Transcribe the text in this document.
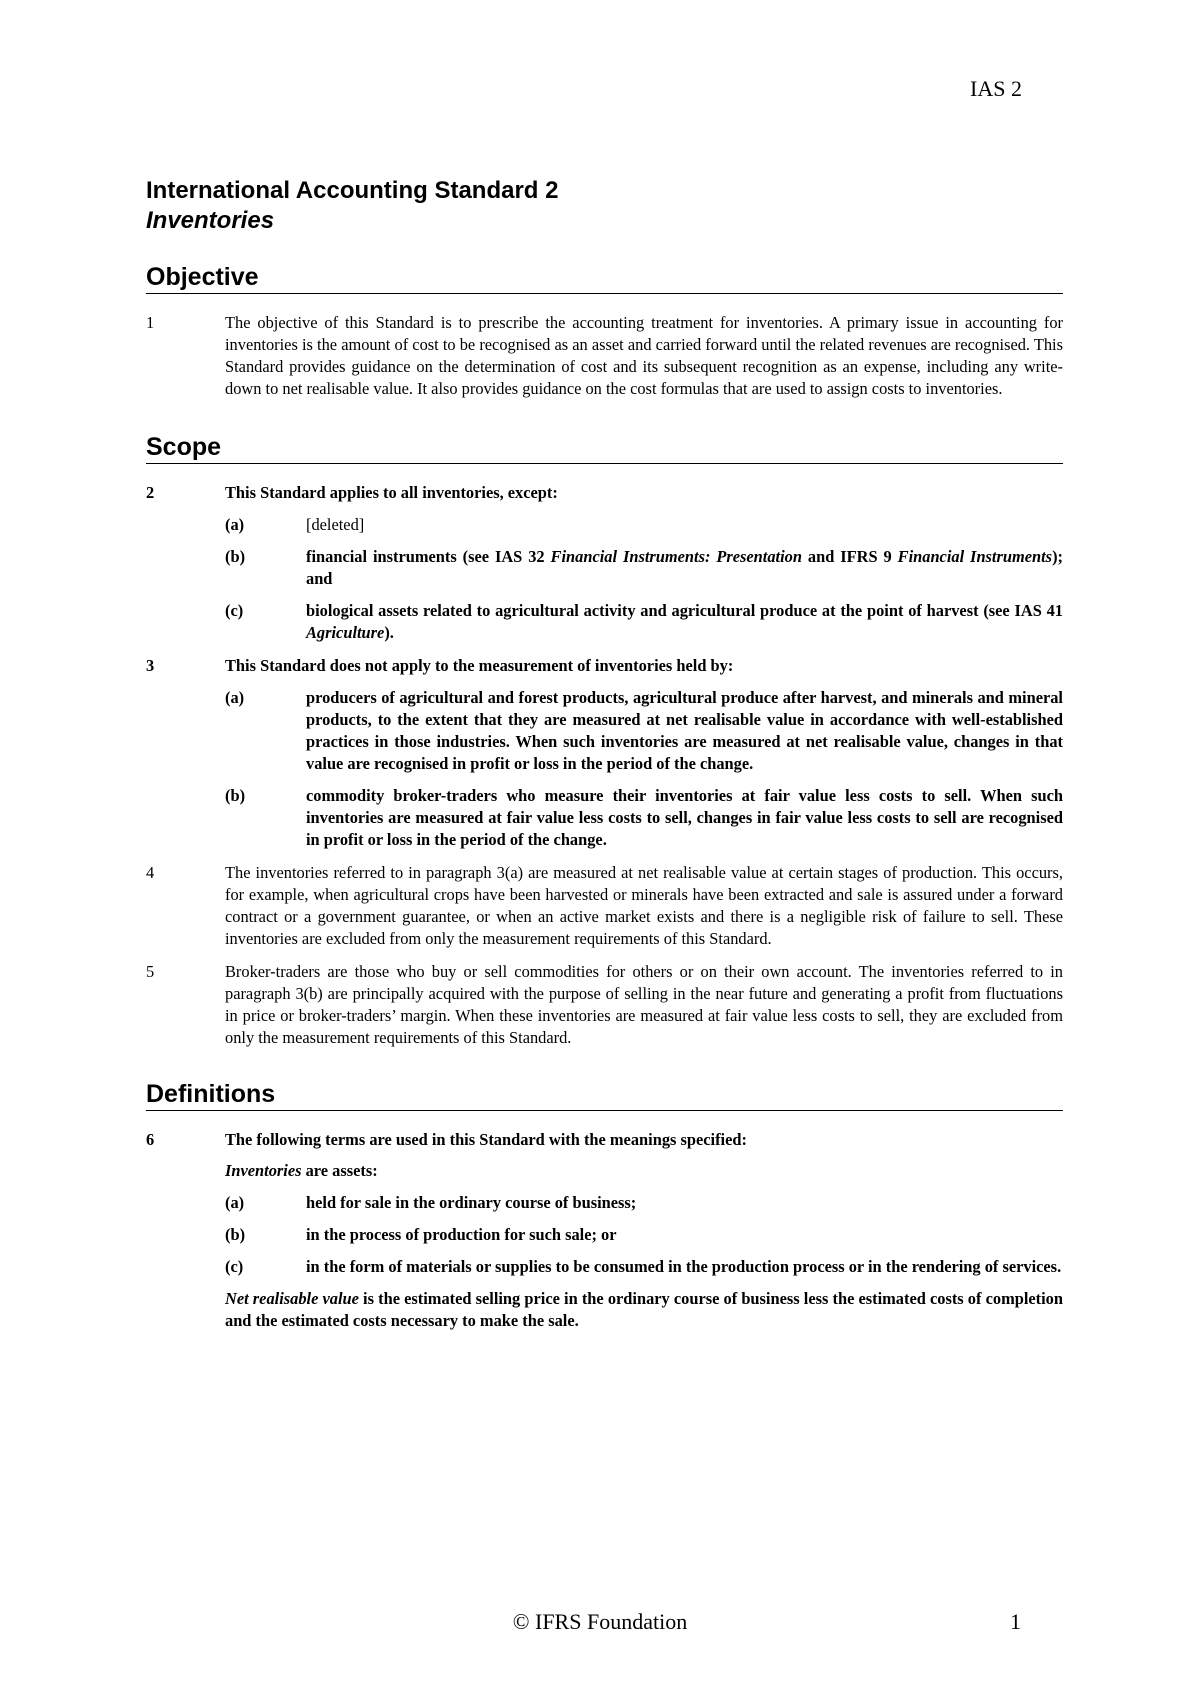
IAS 2
International Accounting Standard 2
Inventories
Objective
1	The objective of this Standard is to prescribe the accounting treatment for inventories. A primary issue in accounting for inventories is the amount of cost to be recognised as an asset and carried forward until the related revenues are recognised. This Standard provides guidance on the determination of cost and its subsequent recognition as an expense, including any write-down to net realisable value. It also provides guidance on the cost formulas that are used to assign costs to inventories.

Scope
2	This Standard applies to all inventories, except:

(a)	[deleted]
(b)	financial instruments (see IAS 32 Financial Instruments: Presentation and IFRS 9 Financial Instruments); and
(c)	biological assets related to agricultural activity and agricultural produce at the point of harvest (see IAS 41 Agriculture).
3	This Standard does not apply to the measurement of inventories held by:

(a)	producers of agricultural and forest products, agricultural produce after harvest, and minerals and mineral products, to the extent that they are measured at net realisable value in accordance with well-established practices in those industries. When such inventories are measured at net realisable value, changes in that value are recognised in profit or loss in the period of the change.
(b)	commodity broker-traders who measure their inventories at fair value less costs to sell. When such inventories are measured at fair value less costs to sell, changes in fair value less costs to sell are recognised in profit or loss in the period of the change.
4	The inventories referred to in paragraph 3(a) are measured at net realisable value at certain stages of production. This occurs, for example, when agricultural crops have been harvested or minerals have been extracted and sale is assured under a forward contract or a government guarantee, or when an active market exists and there is a negligible risk of failure to sell. These inventories are excluded from only the measurement requirements of this Standard.

5	Broker-traders are those who buy or sell commodities for others or on their own account. The inventories referred to in paragraph 3(b) are principally acquired with the purpose of selling in the near future and generating a profit from fluctuations in price or broker-traders’ margin. When these inventories are measured at fair value less costs to sell, they are excluded from only the measurement requirements of this Standard.

Definitions
6	The following terms are used in this Standard with the meanings specified:

Inventories are assets:

(a)	held for sale in the ordinary course of business;
(b)	in the process of production for such sale; or
(c)	in the form of materials or supplies to be consumed in the production process or in the rendering of services.

Net realisable value is the estimated selling price in the ordinary course of business less the estimated costs of completion and the estimated costs necessary to make the sale.

© IFRS Foundation	1
